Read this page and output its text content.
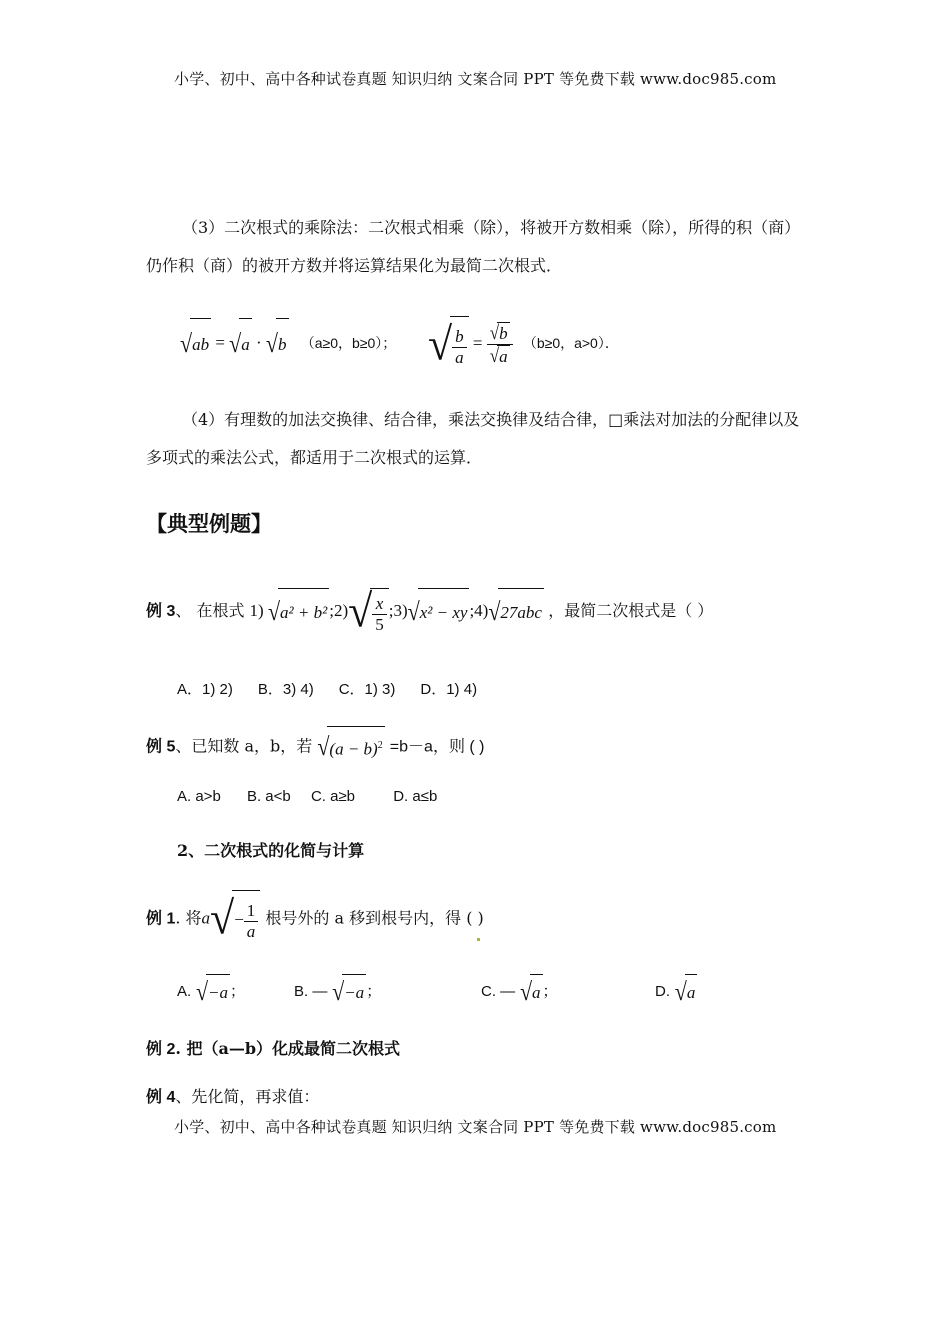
小学、初中、高中各种试卷真题 知识归纳 文案合同 PPT 等免费下载 www.doc985.com
（3）二次根式的乘除法：二次根式相乘（除），将被开方数相乘（除），所得的积（商）仍作积（商）的被开方数并将运算结果化为最简二次根式．
√ab = √a · √b （a≥0，b≥0）； √ $\frac{b}{a} = \frac{√b}{√a} (b\ge 0$，a>0）．
（4）有理数的加法交换律、结合律，乘法交换律及结合律，□乘法对加法的分配律以及多项式的乘法公式，都适用于二次根式的运算．
【典型例题】
例 3、 在根式 1) √a² + b² ;2)√ $\frac{x}{5}$ ;3)√x² − xy ;4)√27abc ，最简二次根式是（ ）
A．1) 2)      B．3) 4)      C．1) 3)      D．1) 4)
例 5、已知数 a，b，若 $√(a - b)^2 =b-a$，则 ( )
A. a>b B. a<b C. a≥b	D. a≤b
2、二次根式的化简与计算
例 1. 将$a√- \frac{1}{a}$ 根号外的 a 移到根号内，得 ( )
A. √−a ；	B. — √−a ；	C. — √a ；	D. √a
例 2. 把（a—b）化成最简二次根式
例 4、先化简，再求值：
小学、初中、高中各种试卷真题 知识归纳 文案合同 PPT 等免费下载 www.doc985.com
